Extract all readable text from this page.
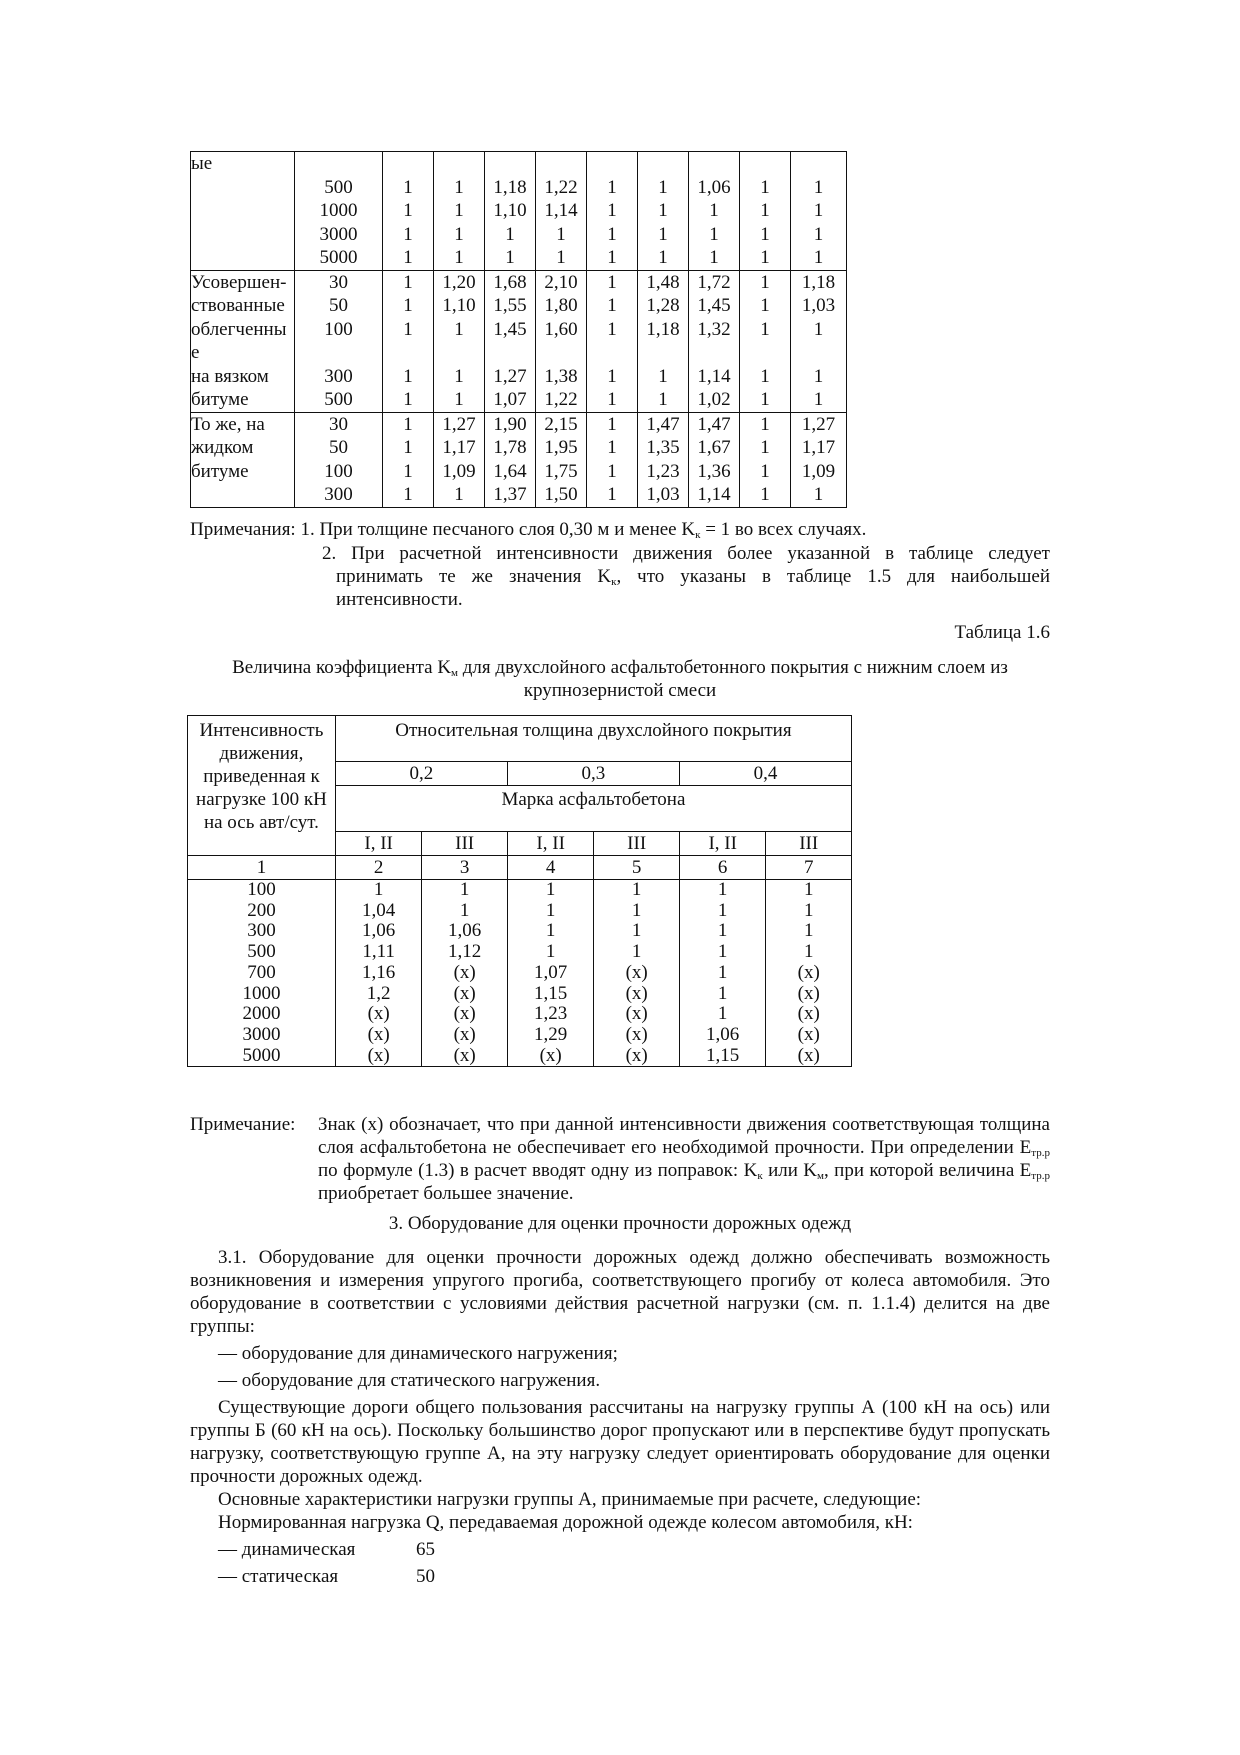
ые										
	500	1	1	1,18	1,22	1	1	1,06	1	1
	1000	1	1	1,10	1,14	1	1	1	1	1
	3000	1	1	1	1	1	1	1	1	1
	5000	1	1	1	1	1	1	1	1	1
Усовершен-	30	1	1,20	1,68	2,10	1	1,48	1,72	1	1,18
ствованные	50	1	1,10	1,55	1,80	1	1,28	1,45	1	1,03
облегченны	100	1	1	1,45	1,60	1	1,18	1,32	1	1
е										
на вязком	300	1	1	1,27	1,38	1	1	1,14	1	1
битуме	500	1	1	1,07	1,22	1	1	1,02	1	1
То же, на	30	1	1,27	1,90	2,15	1	1,47	1,47	1	1,27
жидком	50	1	1,17	1,78	1,95	1	1,35	1,67	1	1,17
битуме	100	1	1,09	1,64	1,75	1	1,23	1,36	1	1,09
	300	1	1	1,37	1,50	1	1,03	1,14	1	1
Примечания: 1. При толщине песчаного слоя 0,30 м и менее $K_к = 1$ во всех случаях.

2. При расчетной интенсивности движения более указанной в таблице следует принимать те же значения $K_к$, что указаны в таблице 1.5 для наибольшей интенсивности.

Таблица 1.6
Величина коэффициента $K_м$ для двухслойного асфальтобетонного покрытия с нижним слоем из крупнозернистой смеси
Интенсивность движения, приведенная к нагрузке 100 кН на ось авт/сут.	Относительная толщина двухслойного покрытия					
	0,2		0,3		0,4	
	Марка асфальтобетона					
	I, II	III	I, II	III	I, II	III
1	2	3	4	5	6	7
100	1	1	1	1	1	1
200	1,04	1	1	1	1	1
300	1,06	1,06	1	1	1	1
500	1,11	1,12	1	1	1	1
700	1,16	(x)	1,07	(x)	1	(x)
1000	1,2	(x)	1,15	(x)	1	(x)
2000	(x)	(x)	1,23	(x)	1	(x)
3000	(x)	(x)	1,29	(x)	1,06	(x)
5000	(x)	(x)	(x)	(x)	1,15	(x)
Примечание: Знак (x) обозначает, что при данной интенсивности движения соответствующая толщина слоя асфальтобетона не обеспечивает его необходимой прочности. При определении $E_{тр.р}$ по формуле (1.3) в расчет вводят одну из поправок: $K_к$ или $K_м$, при которой величина $E_{тр.р}$ приобретает большее значение.

3. Оборудование для оценки прочности дорожных одежд

3.1. Оборудование для оценки прочности дорожных одежд должно обеспечивать возможность возникновения и измерения упругого прогиба, соответствующего прогибу от колеса автомобиля. Это оборудование в соответствии с условиями действия расчетной нагрузки (см. п. 1.1.4) делится на две группы:

— оборудование для динамического нагружения;

— оборудование для статического нагружения.

Существующие дороги общего пользования рассчитаны на нагрузку группы А (100 кН на ось) или группы Б (60 кН на ось). Поскольку большинство дорог пропускают или в перспективе будут пропускать нагрузку, соответствующую группе А, на эту нагрузку следует ориентировать оборудование для оценки прочности дорожных одежд.

Основные характеристики нагрузки группы А, принимаемые при расчете, следующие:

Нормированная нагрузка Q, передаваемая дорожной одежде колесом автомобиля, кН:

— динамическая	65

— статическая	50
